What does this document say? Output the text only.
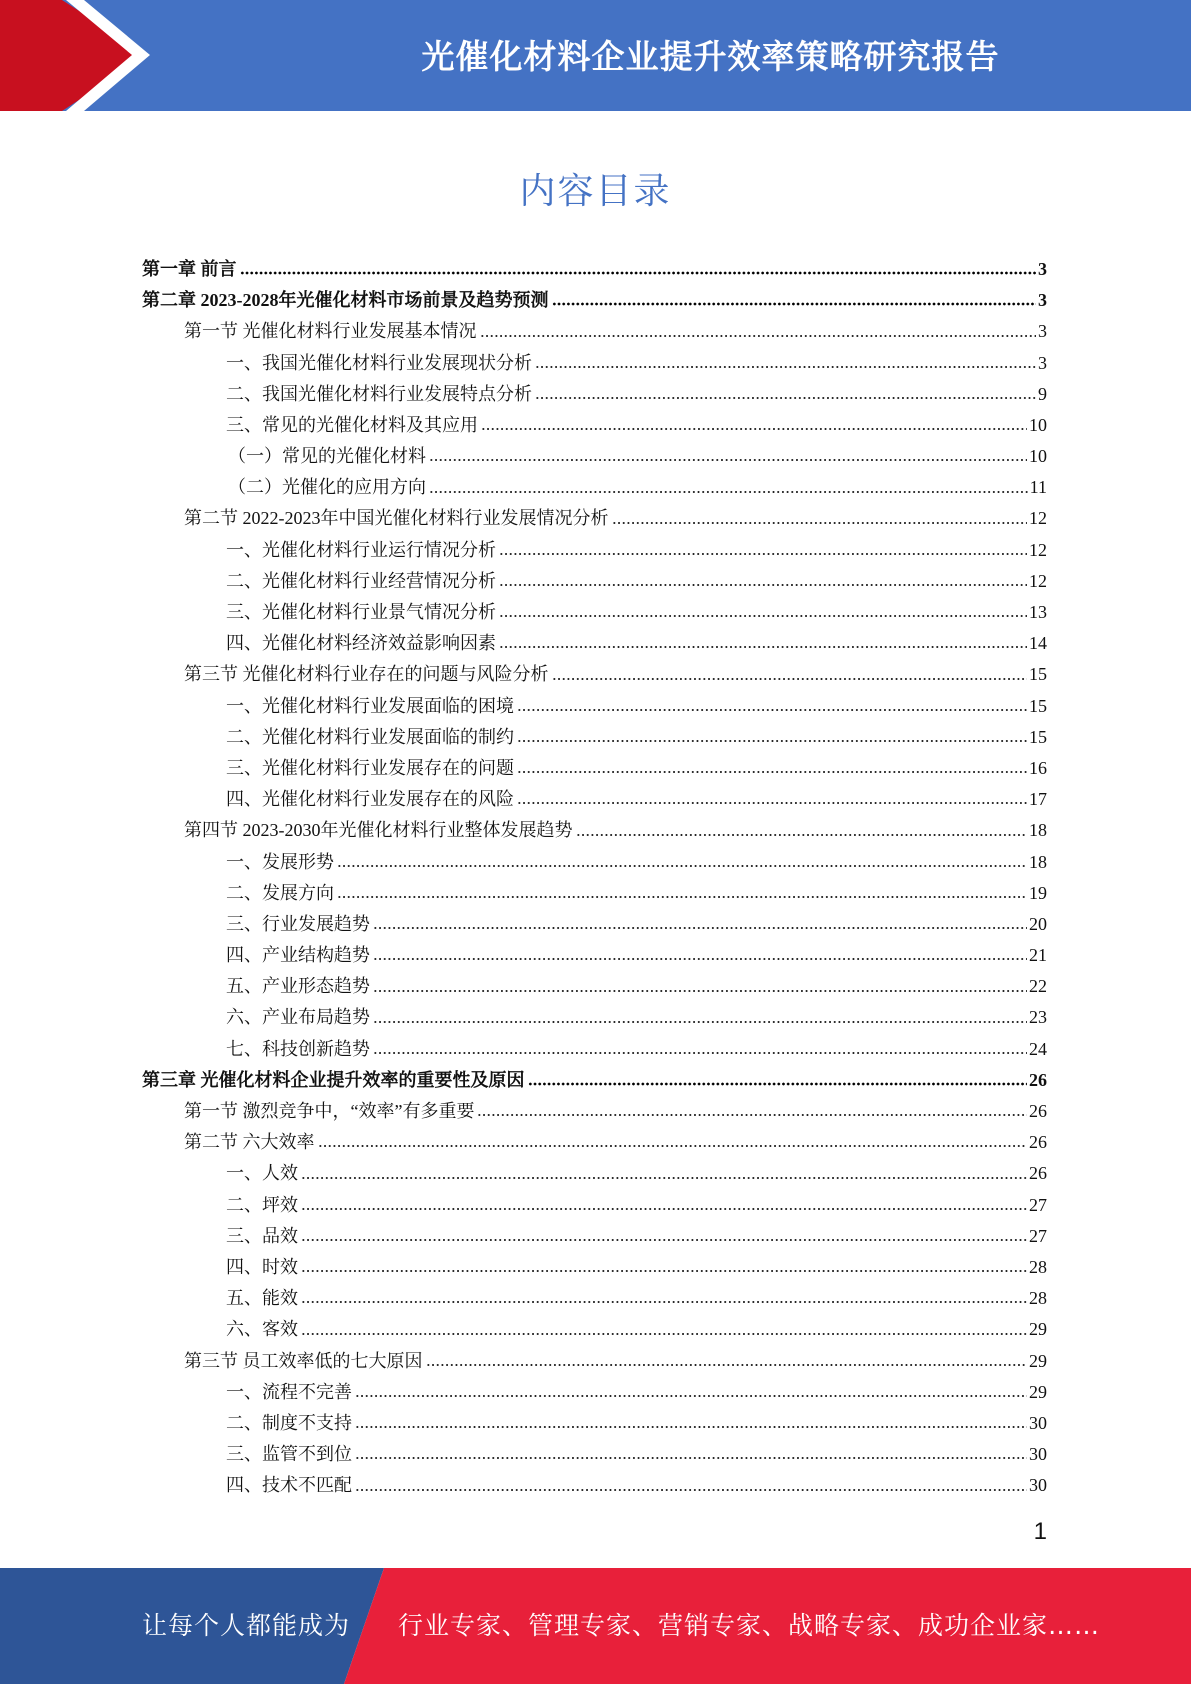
光催化材料企业提升效率策略研究报告
内容目录
第一章 前言	3
第二章 2023-2028年光催化材料市场前景及趋势预测	3
第一节 光催化材料行业发展基本情况	3
一、我国光催化材料行业发展现状分析	3
二、我国光催化材料行业发展特点分析	9
三、常见的光催化材料及其应用	10
（一）常见的光催化材料	10
（二）光催化的应用方向	11
第二节 2022-2023年中国光催化材料行业发展情况分析	12
一、光催化材料行业运行情况分析	12
二、光催化材料行业经营情况分析	12
三、光催化材料行业景气情况分析	13
四、光催化材料经济效益影响因素	14
第三节 光催化材料行业存在的问题与风险分析	15
一、光催化材料行业发展面临的困境	15
二、光催化材料行业发展面临的制约	15
三、光催化材料行业发展存在的问题	16
四、光催化材料行业发展存在的风险	17
第四节 2023-2030年光催化材料行业整体发展趋势	18
一、发展形势	18
二、发展方向	19
三、行业发展趋势	20
四、产业结构趋势	21
五、产业形态趋势	22
六、产业布局趋势	23
七、科技创新趋势	24
第三章 光催化材料企业提升效率的重要性及原因	26
第一节 激烈竞争中，“效率”有多重要	26
第二节 六大效率	26
一、人效	26
二、坪效	27
三、品效	27
四、时效	28
五、能效	28
六、客效	29
第三节 员工效率低的七大原因	29
一、流程不完善	29
二、制度不支持	30
三、监管不到位	30
四、技术不匹配	30
1
让每个人都能成为 行业专家、管理专家、营销专家、战略专家、成功企业家……
